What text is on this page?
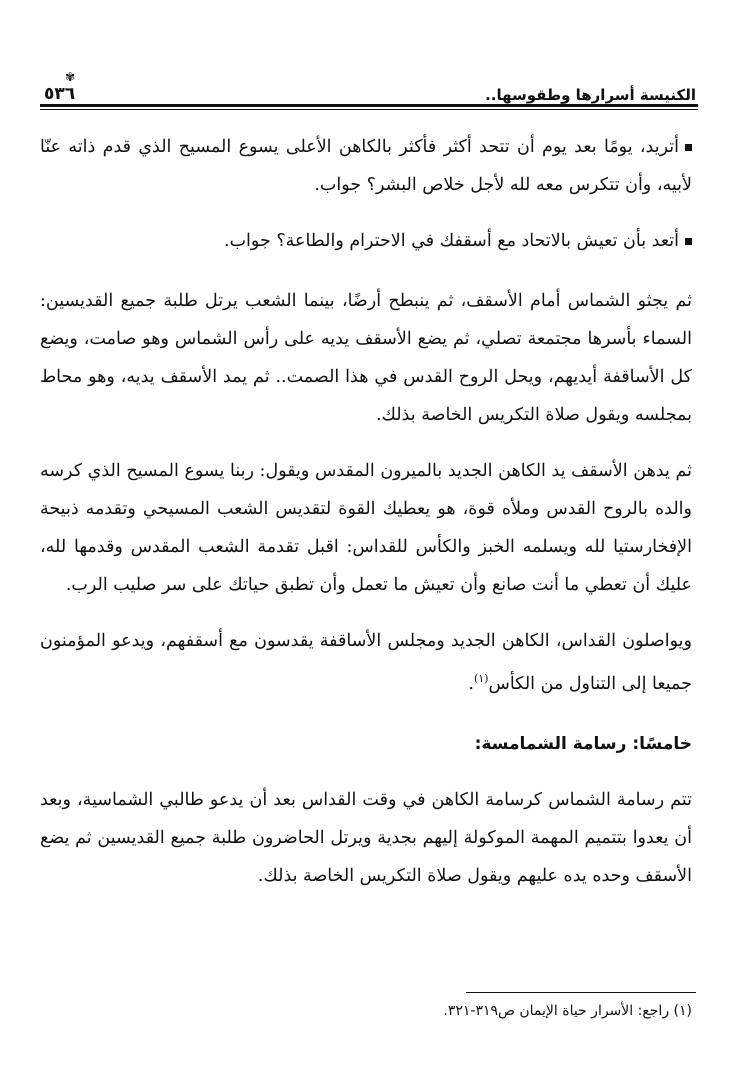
الكنيسة أسرارها وطقوسها..
✾
٥٣٦

أتريد، يومًا بعد يوم أن تتحد أكثر فأكثر بالكاهن الأعلى يسوع المسيح الذي قدم ذاته عنّا لأبيه، وأن تتكرس معه لله لأجل خلاص البشر؟ جواب.

أتعد بأن تعيش بالاتحاد مع أسقفك في الاحترام والطاعة؟ جواب.

ثم يجثو الشماس أمام الأسقف، ثم ينبطح أرضًا، بينما الشعب يرتل طلبة جميع القديسين: السماء بأسرها مجتمعة تصلي، ثم يضع الأسقف يديه على رأس الشماس وهو صامت، ويضع كل الأساقفة أيديهم، ويحل الروح القدس في هذا الصمت.. ثم يمد الأسقف يديه، وهو محاط بمجلسه ويقول صلاة التكريس الخاصة بذلك.

ثم يدهن الأسقف يد الكاهن الجديد بالميرون المقدس ويقول: ربنا يسوع المسيح الذي كرسه والده بالروح القدس وملأه قوة، هو يعطيك القوة لتقديس الشعب المسيحي وتقدمه ذبيحة الإفخارستيا لله ويسلمه الخبز والكأس للقداس: اقبل تقدمة الشعب المقدس وقدمها لله، عليك أن تعطي ما أنت صانع وأن تعيش ما تعمل وأن تطبق حياتك على سر صليب الرب.

ويواصلون القداس، الكاهن الجديد ومجلس الأساقفة يقدسون مع أسقفهم، ويدعو المؤمنون جميعا إلى التناول من الكأس$^{(١)}$.

خامسًا: رسامة الشمامسة:

تتم رسامة الشماس كرسامة الكاهن في وقت القداس بعد أن يدعو طالبي الشماسية، وبعد أن يعدوا بتتميم المهمة الموكولة إليهم بجدية ويرتل الحاضرون طلبة جميع القديسين ثم يضع الأسقف وحده يده عليهم ويقول صلاة التكريس الخاصة بذلك.

(١) راجع: الأسرار حياة الإيمان ص٣١٩-٣٢١.
